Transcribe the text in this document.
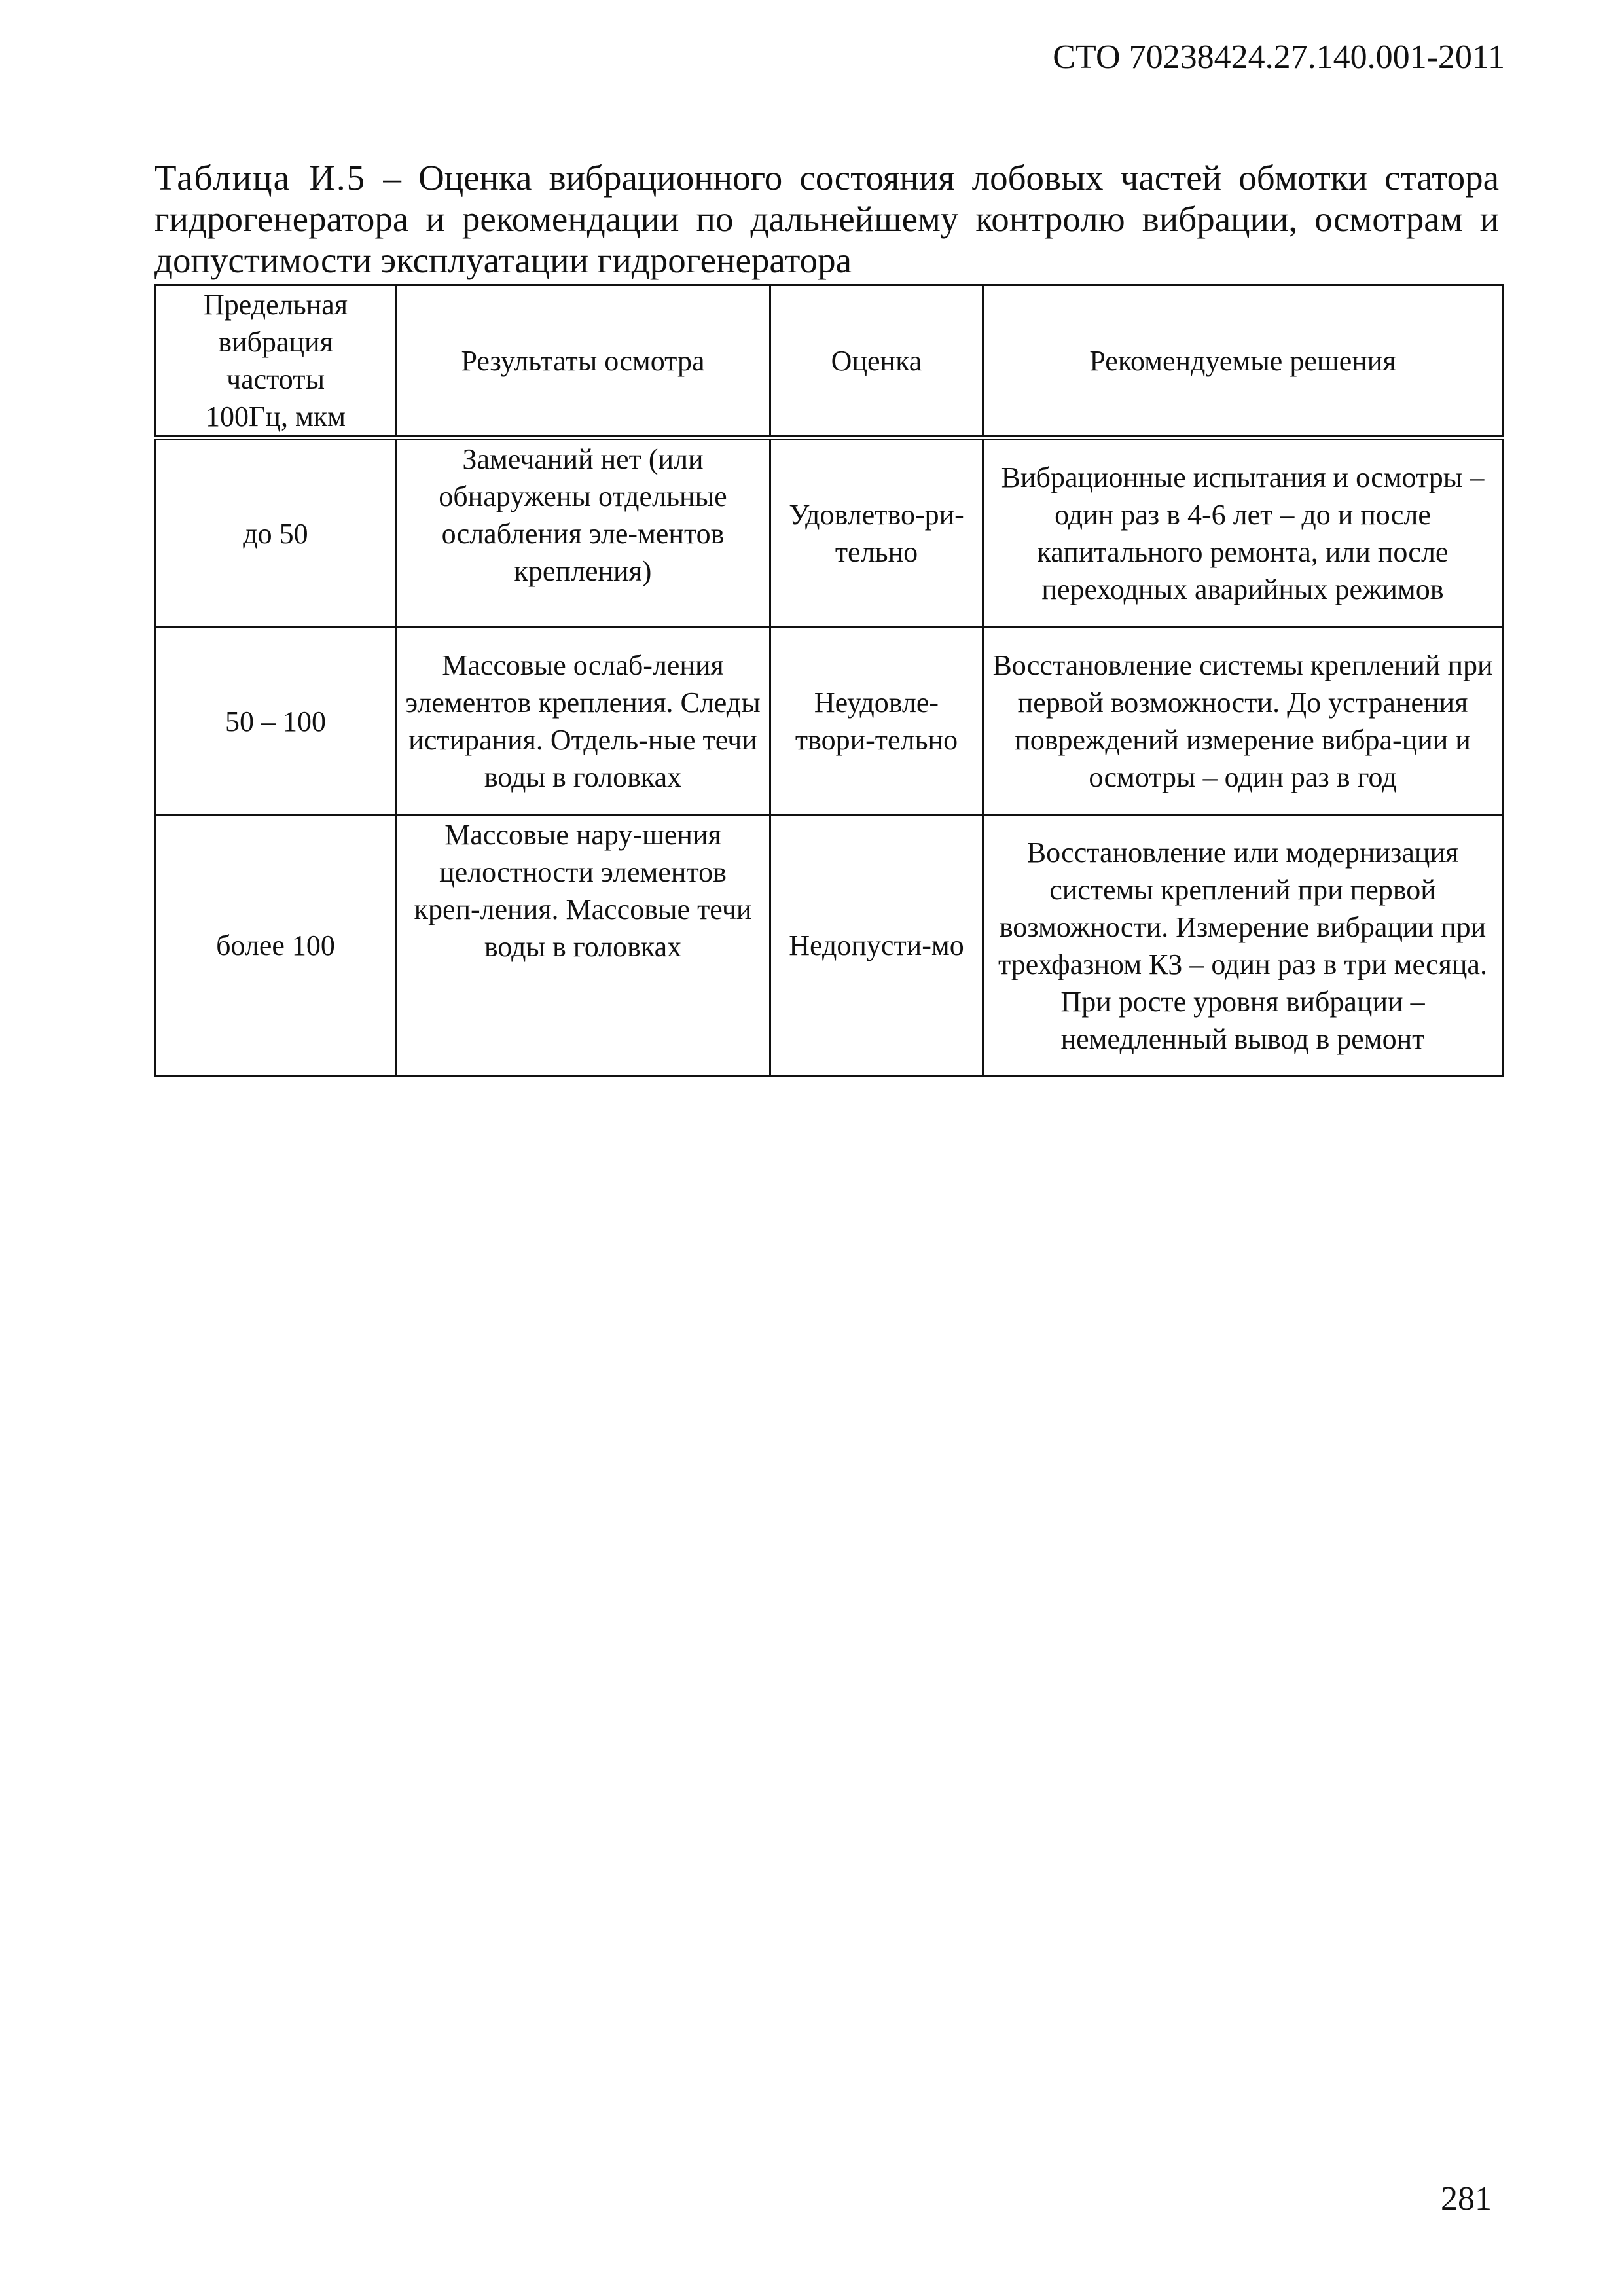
СТО 70238424.27.140.001-2011
Таблица И.5 – Оценка вибрационного состояния лобовых частей обмотки статора гидрогенератора и рекомендации по дальнейшему контролю вибрации, осмотрам и допустимости эксплуатации гидрогенератора
Предельная вибрация частоты 100Гц, мкм	Результаты осмотра	Оценка	Рекомендуемые решения
до 50	Замечаний нет (или обнаружены отдельные ослабления эле-ментов крепления)	Удовлетво-ри-тельно	Вибрационные испытания и осмотры – один раз в 4-6 лет – до и после капитального ремонта, или после переходных аварийных режимов
50 – 100	Массовые ослаб-ления элементов крепления. Следы истирания. Отдель-ные течи воды в головках	Неудовле-твори-тельно	Восстановление системы креплений при первой возможности. До устранения повреждений измерение вибра-ции и осмотры – один раз в год
более 100	Массовые нару-шения целостности элементов креп-ления. Массовые течи воды в головках	Недопусти-мо	Восстановление или модернизация системы креплений при первой возможности. Измерение вибрации при трехфазном КЗ – один раз в три месяца. При росте уровня вибрации – немедленный вывод в ремонт
281
